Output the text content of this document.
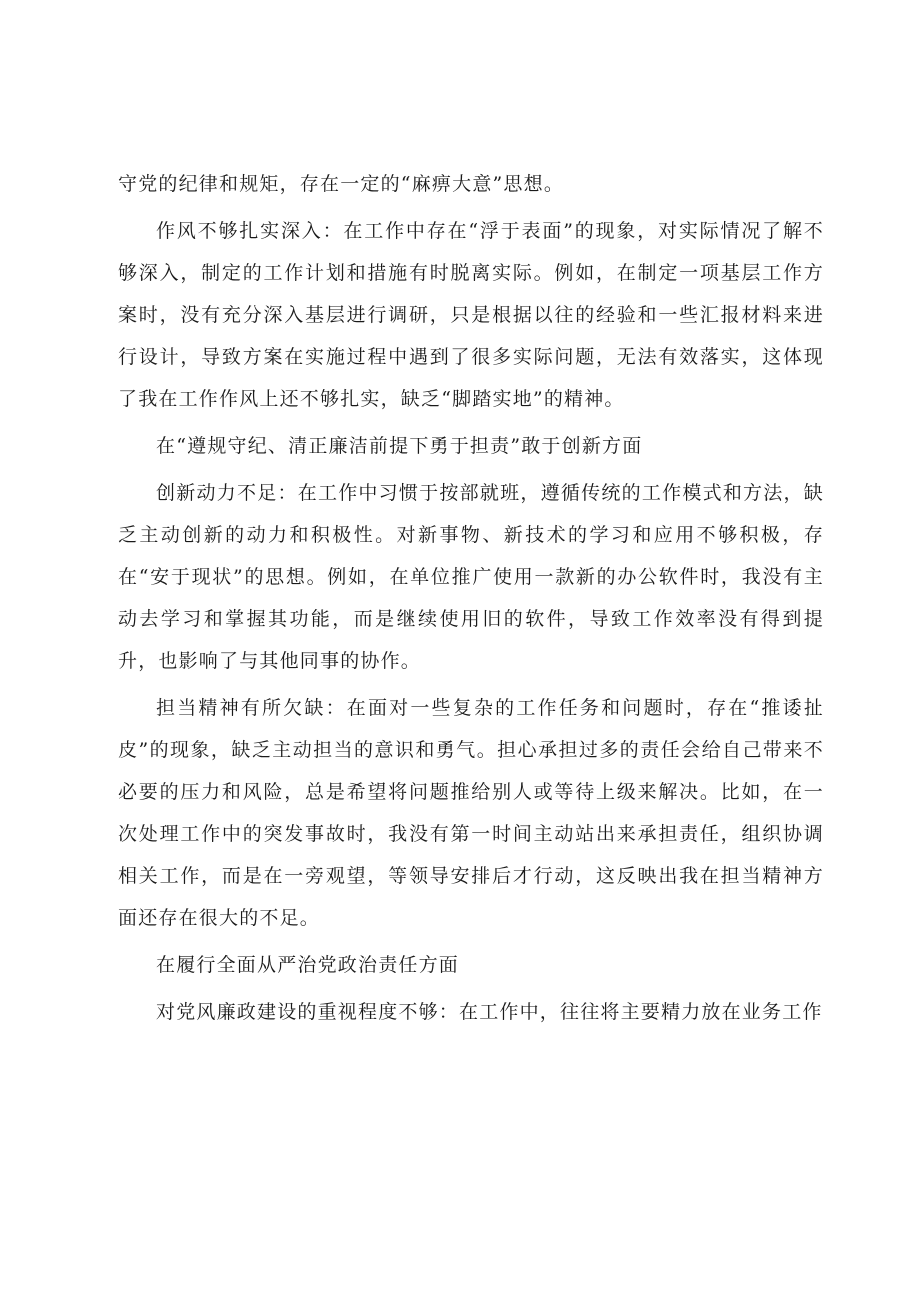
守党的纪律和规矩，存在一定的“麻痹大意”思想。

作风不够扎实深入：在工作中存在“浮于表面”的现象，对实际情况了解不够深入，制定的工作计划和措施有时脱离实际。例如，在制定一项基层工作方案时，没有充分深入基层进行调研，只是根据以往的经验和一些汇报材料来进行设计，导致方案在实施过程中遇到了很多实际问题，无法有效落实，这体现了我在工作作风上还不够扎实，缺乏“脚踏实地”的精神。

在“遵规守纪、清正廉洁前提下勇于担责”敢于创新方面

创新动力不足：在工作中习惯于按部就班，遵循传统的工作模式和方法，缺乏主动创新的动力和积极性。对新事物、新技术的学习和应用不够积极，存在“安于现状”的思想。例如，在单位推广使用一款新的办公软件时，我没有主动去学习和掌握其功能，而是继续使用旧的软件，导致工作效率没有得到提升，也影响了与其他同事的协作。

担当精神有所欠缺：在面对一些复杂的工作任务和问题时，存在“推诿扯皮”的现象，缺乏主动担当的意识和勇气。担心承担过多的责任会给自己带来不必要的压力和风险，总是希望将问题推给别人或等待上级来解决。比如，在一次处理工作中的突发事故时，我没有第一时间主动站出来承担责任，组织协调相关工作，而是在一旁观望，等领导安排后才行动，这反映出我在担当精神方面还存在很大的不足。

在履行全面从严治党政治责任方面

对党风廉政建设的重视程度不够：在工作中，往往将主要精力放在业务工作
